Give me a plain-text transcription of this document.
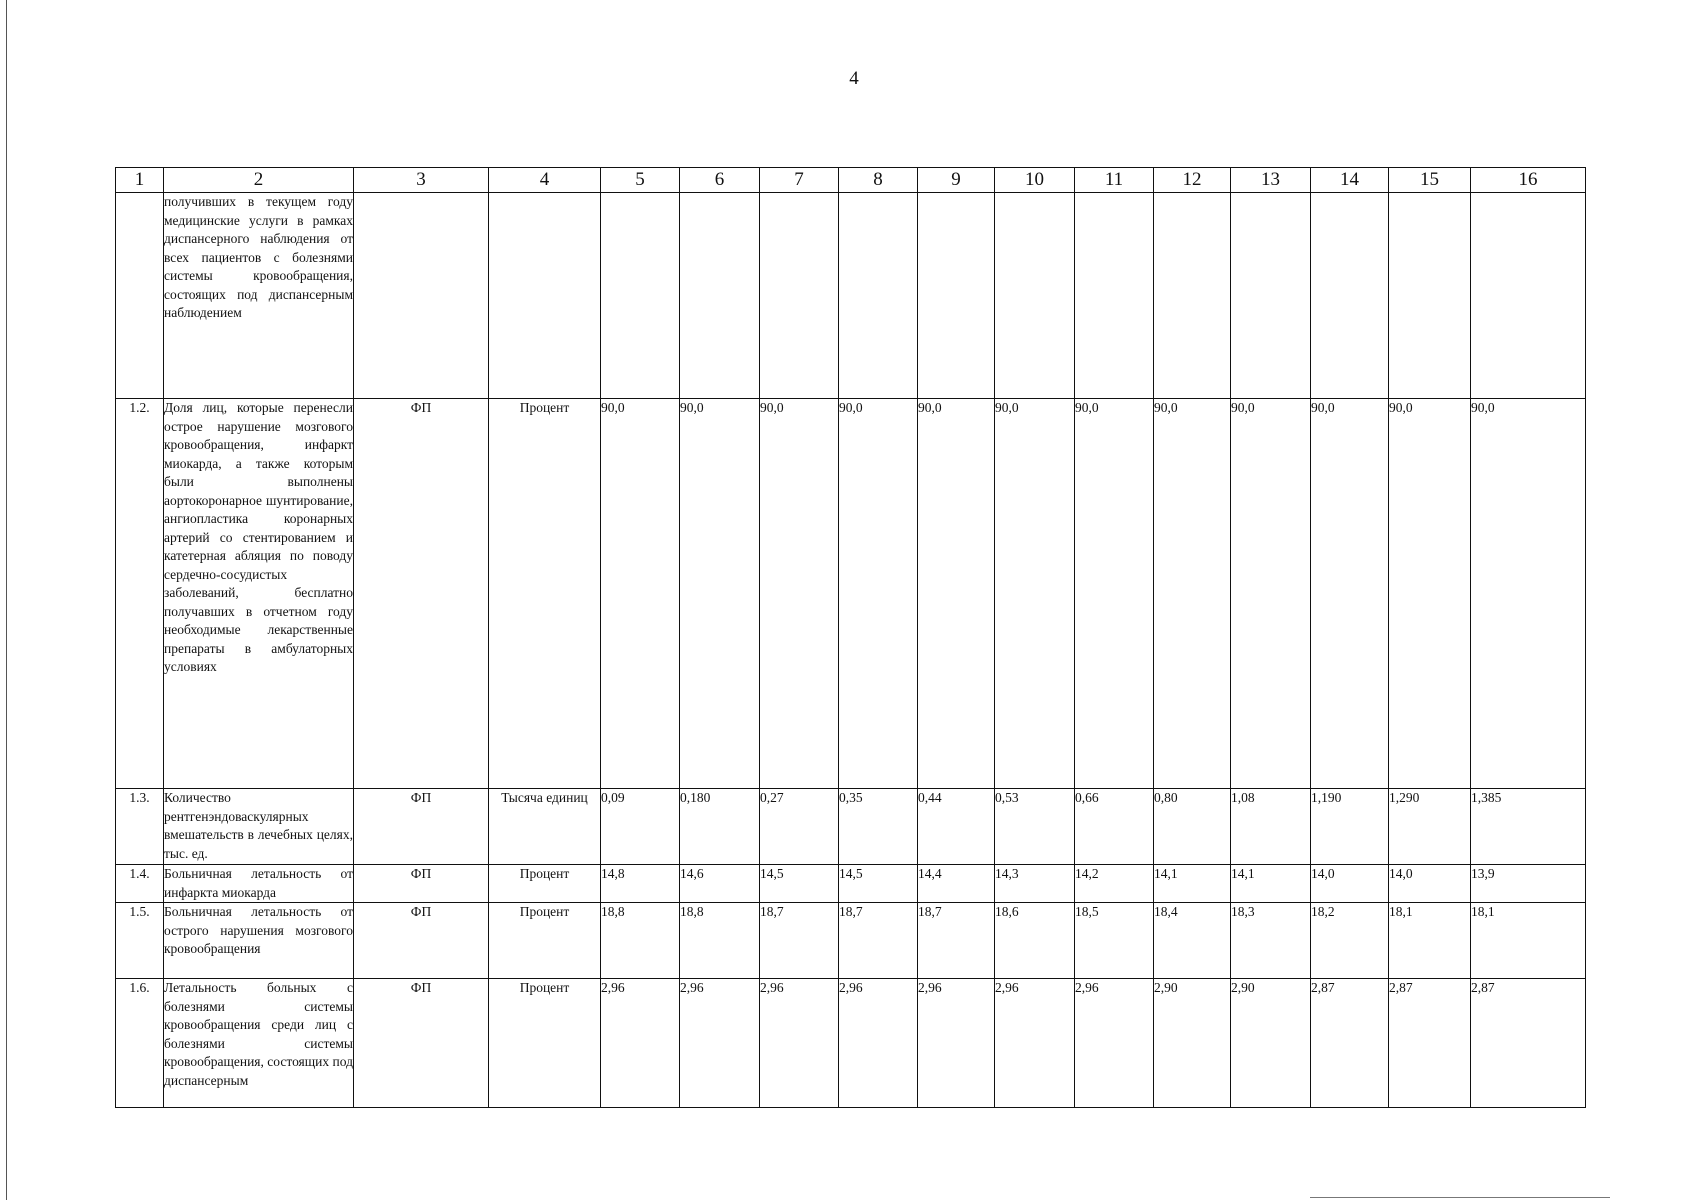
4
1	2	3	4	5	6	7	8	9	10	11	12	13	14	15	16
	получивших в текущем году медицинские услуги в рамках диспансерного наблюдения от всех пациентов с болезнями системы кровообращения, состоящих под диспансерным наблюдением														
1.2.	Доля лиц, которые перенесли острое нарушение мозгового кровообращения, инфаркт миокарда, а также которым были выполнены аортокоронарное шунтирование, ангиопластика коронарных артерий со стентированием и катетерная абляция по поводу сердечно-сосудистых заболеваний, бесплатно получавших в отчетном году необходимые лекарственные препараты в амбулаторных условиях	ФП	Процент	90,0	90,0	90,0	90,0	90,0	90,0	90,0	90,0	90,0	90,0	90,0	90,0
1.3.	Количество рентгенэндоваскулярных вмешательств в лечебных целях, тыс. ед.	ФП	Тысяча единиц	0,09	0,180	0,27	0,35	0,44	0,53	0,66	0,80	1,08	1,190	1,290	1,385
1.4.	Больничная летальность от инфаркта миокарда	ФП	Процент	14,8	14,6	14,5	14,5	14,4	14,3	14,2	14,1	14,1	14,0	14,0	13,9
1.5.	Больничная летальность от острого нарушения мозгового кровообращения	ФП	Процент	18,8	18,8	18,7	18,7	18,7	18,6	18,5	18,4	18,3	18,2	18,1	18,1
1.6.	Летальность больных с болезнями системы кровообращения среди лиц с болезнями системы кровообращения, состоящих под диспансерным	ФП	Процент	2,96	2,96	2,96	2,96	2,96	2,96	2,96	2,90	2,90	2,87	2,87	2,87
